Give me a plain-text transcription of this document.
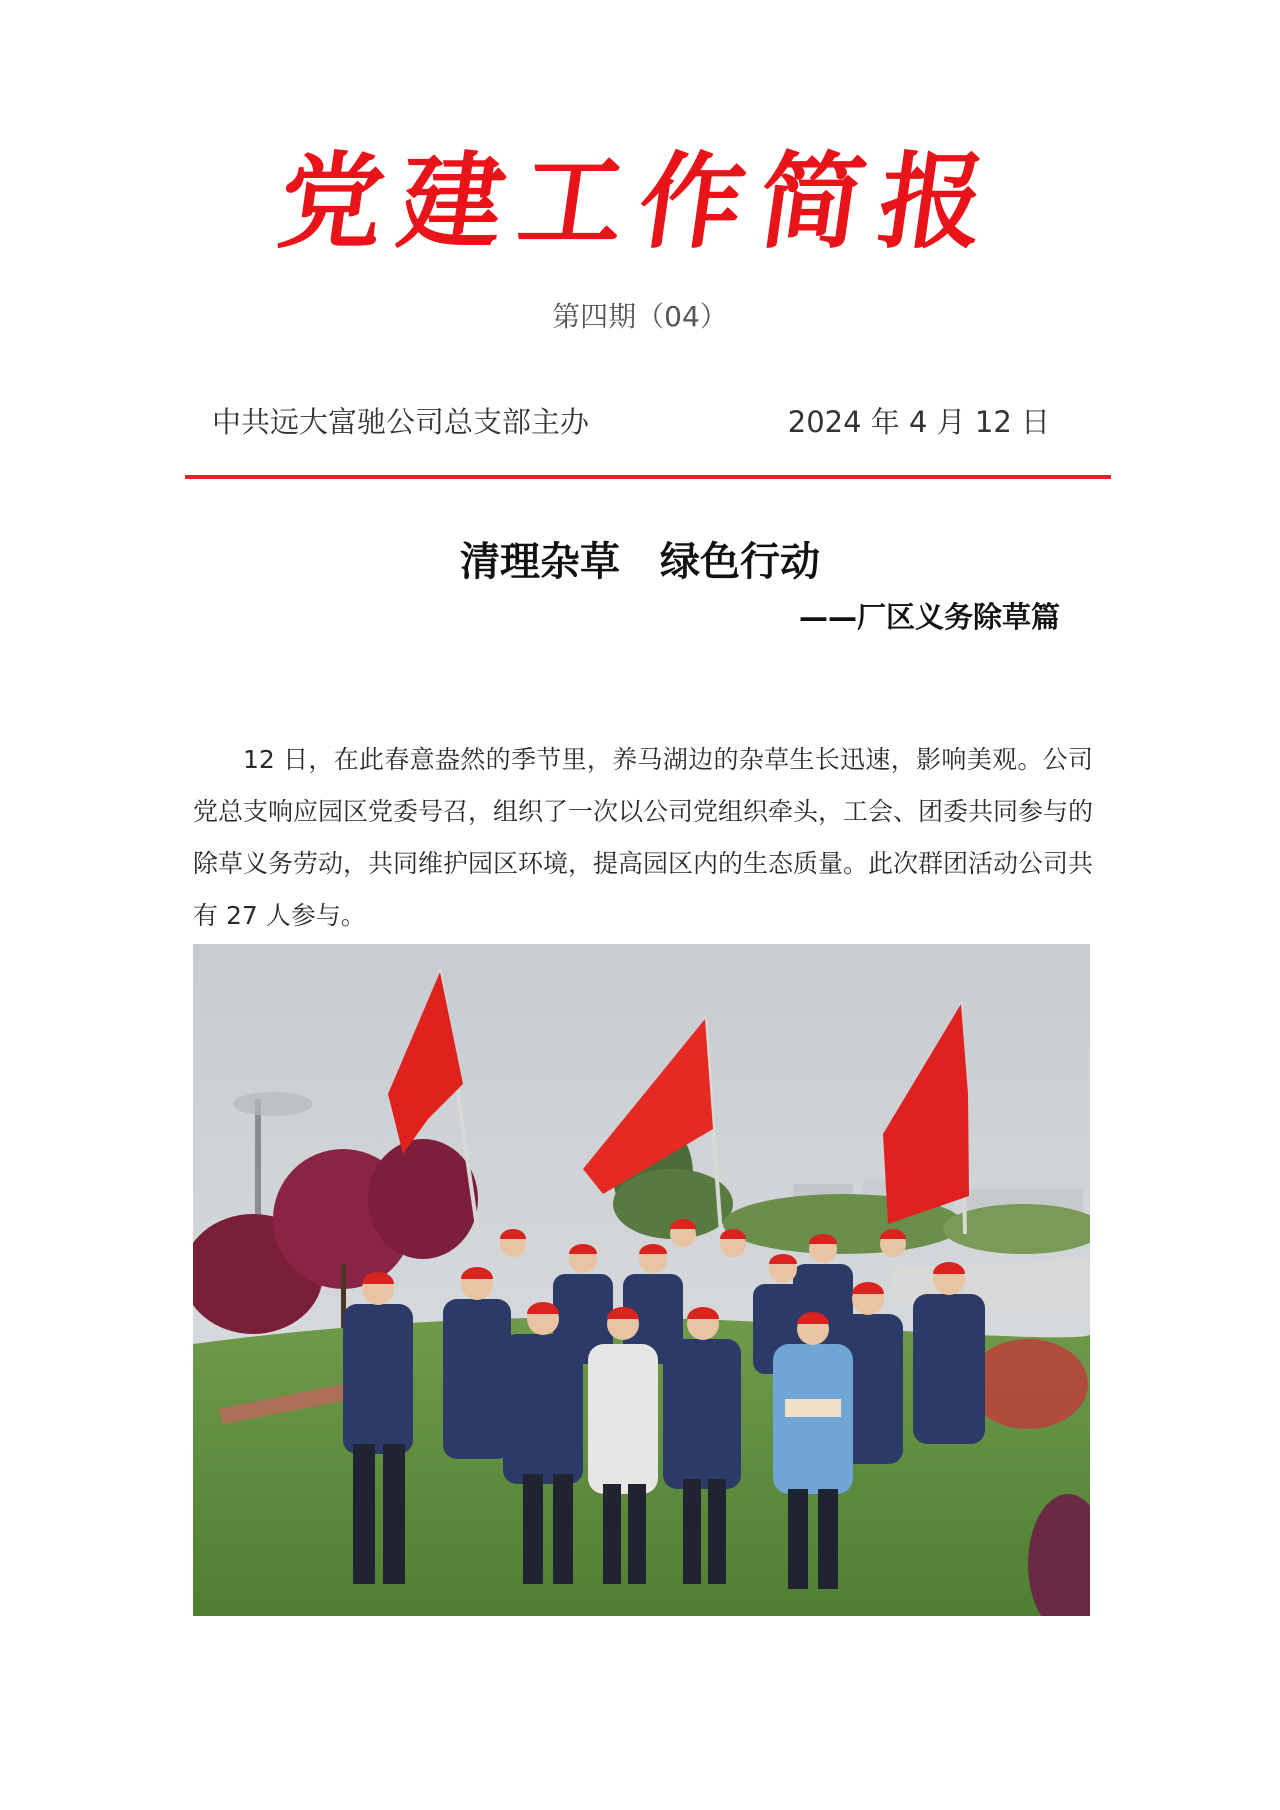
党建工作简报
第四期（04）
中共远大富驰公司总支部主办	2024 年 4 月 12 日
清理杂草　绿色行动
——厂区义务除草篇

12 日，在此春意盎然的季节里，养马湖边的杂草生长迅速，影响美观。公司党总支响应园区党委号召，组织了一次以公司党组织牵头，工会、团委共同参与的除草义务劳动，共同维护园区环境，提高园区内的生态质量。此次群团活动公司共有 27 人参与。
